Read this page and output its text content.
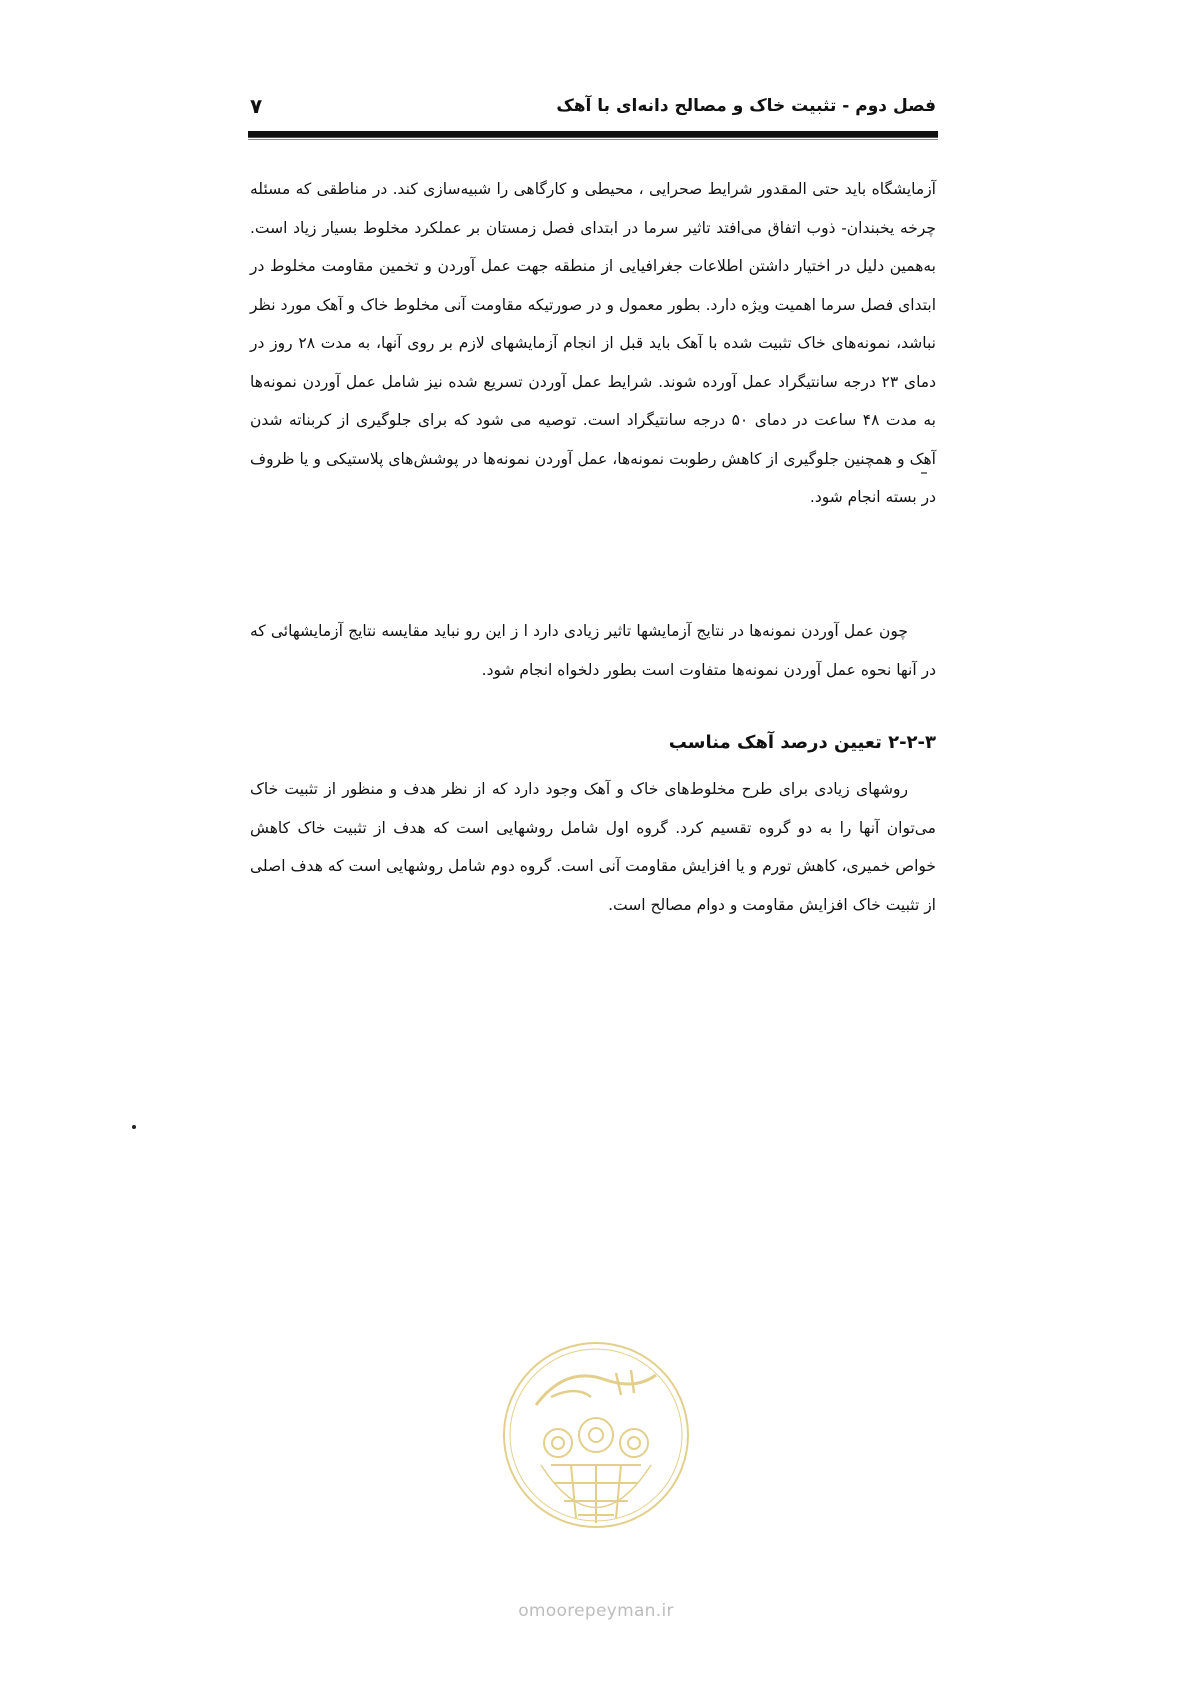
فصل دوم - تثبیت خاک و مصالح دانه‌ای با آهک
۷

آزمایشگاه باید حتی المقدور شرایط صحرایی ، محیطی و کارگاهی را شبیه‌سازی کند. در مناطقی که مسئله چرخه یخبندان- ذوب اتفاق می‌افتد تاثیر سرما در ابتدای فصل زمستان بر عملکرد مخلوط بسیار زیاد است. به‌همین دلیل در اختیار داشتن اطلاعات جغرافیایی از منطقه جهت عمل آوردن و تخمین مقاومت مخلوط در ابتدای فصل سرما اهمیت ویژه دارد. بطور معمول و در صورتیکه مقاومت آنی مخلوط خاک و آهک مورد نظر نباشد، نمونه‌های خاک تثبیت شده با آهک باید قبل از انجام آزمایشهای لازم بر روی آنها، به مدت ۲۸ روز در دمای ۲۳ درجه سانتیگراد عمل آورده شوند. شرایط عمل آوردن تسریع شده نیز شامل عمل آوردن نمونه‌ها به مدت ۴۸ ساعت در دمای ۵۰ درجه سانتیگراد است. توصیه می شود که برای جلوگیری از کربناته شدن آهک و همچنین جلوگیری از کاهش رطوبت نمونه‌ها، عمل آوردن نمونه‌ها در پوشش‌های پلاستیکی و یا ظروف در بسته انجام شود.

چون عمل آوردن نمونه‌ها در نتایج آزمایشها تاثیر زیادی دارد ا ز این رو نباید مقایسه نتایج آزمایشهائی که در آنها نحوه عمل آوردن نمونه‌ها متفاوت است بطور دلخواه انجام شود.

۲-۲-۳ تعیین درصد آهک مناسب

روشهای زیادی برای طرح مخلوط‌های خاک و آهک وجود دارد که از نظر هدف و منظور از تثبیت خاک می‌توان آنها را به دو گروه تقسیم کرد. گروه اول شامل روشهایی است که هدف از تثبیت خاک کاهش خواص خمیری، کاهش تورم و یا افزایش مقاومت آنی است. گروه دوم شامل روشهایی است که هدف اصلی از تثبیت خاک افزایش مقاومت و دوام مصالح است.

omoorepeyman.ir
